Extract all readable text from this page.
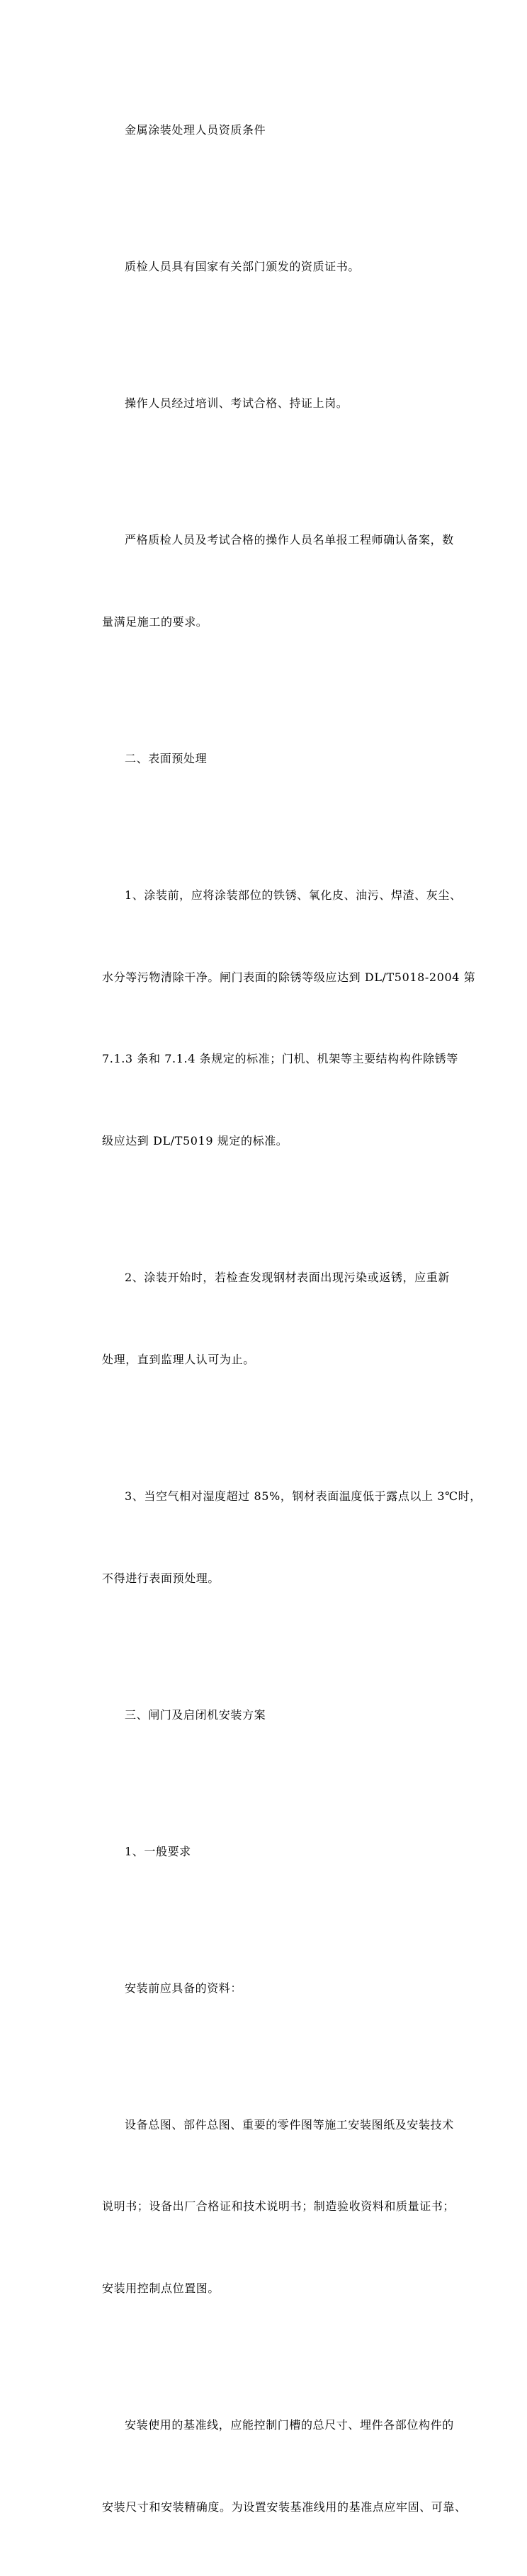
金属涂装处理人员资质条件

质检人员具有国家有关部门颁发的资质证书。

操作人员经过培训、考试合格、持证上岗。

严格质检人员及考试合格的操作人员名单报工程师确认备案，数

量满足施工的要求。

二、表面预处理

1、涂装前，应将涂装部位的铁锈、氧化皮、油污、焊渣、灰尘、

水分等污物清除干净。闸门表面的除锈等级应达到 DL/T5018-2004 第

7.1.3 条和 7.1.4 条规定的标准；门机、机架等主要结构构件除锈等

级应达到 DL/T5019 规定的标准。

2、涂装开始时，若检查发现钢材表面出现污染或返锈，应重新

处理，直到监理人认可为止。

3、当空气相对湿度超过 85%，钢材表面温度低于露点以上 3℃时，

不得进行表面预处理。

三、闸门及启闭机安装方案

1、一般要求

安装前应具备的资料：

设备总图、部件总图、重要的零件图等施工安装图纸及安装技术

说明书；设备出厂合格证和技术说明书；制造验收资料和质量证书；

安装用控制点位置图。

安装使用的基准线，应能控制门槽的总尺寸、埋件各部位构件的

安装尺寸和安装精确度。为设置安装基准线用的基准点应牢固、可靠、
